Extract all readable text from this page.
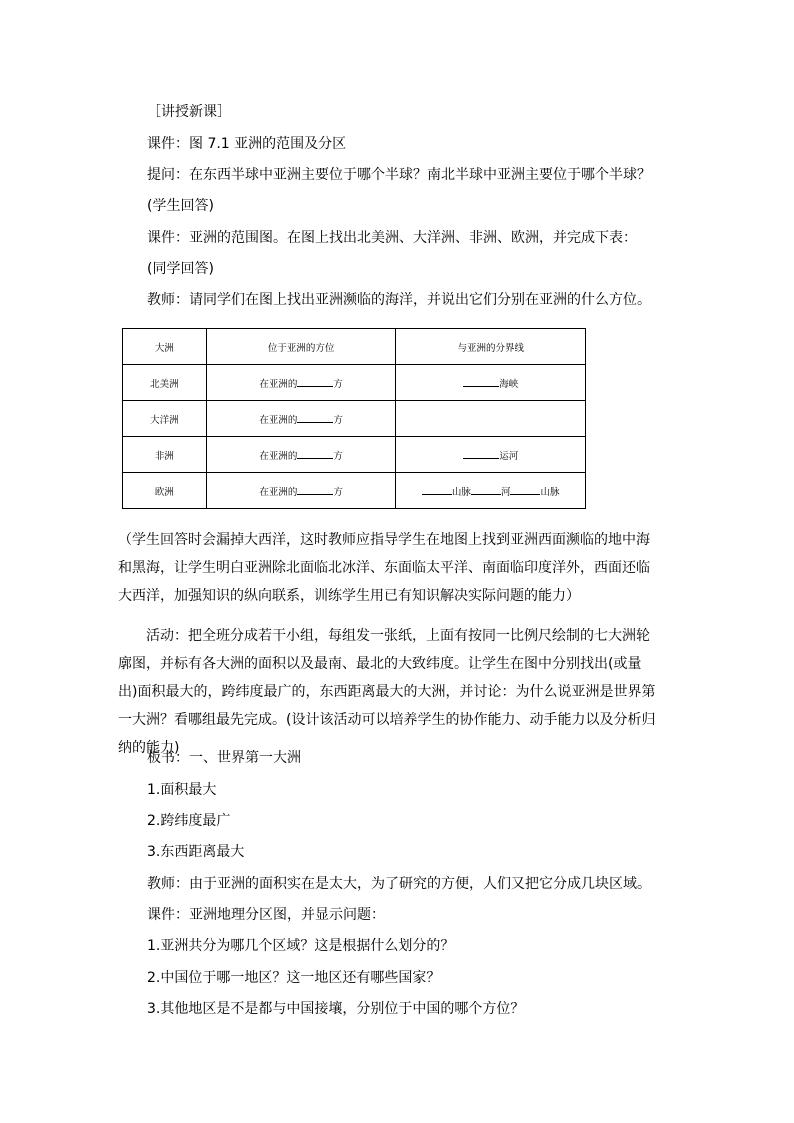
［讲授新课］
课件：图 7.1 亚洲的范围及分区
提问：在东西半球中亚洲主要位于哪个半球？南北半球中亚洲主要位于哪个半球？
(学生回答)
课件：亚洲的范围图。在图上找出北美洲、大洋洲、非洲、欧洲，并完成下表：
(同学回答)
教师：请同学们在图上找出亚洲濒临的海洋，并说出它们分别在亚洲的什么方位。
大洲	位于亚洲的方位	与亚洲的分界线
北美洲	在亚洲的 方	海峡
大洋洲	在亚洲的 方	
非洲	在亚洲的 方	运河
欧洲	在亚洲的 方	山脉 河 山脉

（学生回答时会漏掉大西洋，这时教师应指导学生在地图上找到亚洲西面濒临的地中海和黑海，让学生明白亚洲除北面临北冰洋、东面临太平洋、南面临印度洋外，西面还临大西洋，加强知识的纵向联系，训练学生用已有知识解决实际问题的能力）

活动：把全班分成若干小组，每组发一张纸，上面有按同一比例尺绘制的七大洲轮廓图，并标有各大洲的面积以及最南、最北的大致纬度。让学生在图中分别找出(或量出)面积最大的，跨纬度最广的，东西距离最大的大洲，并讨论：为什么说亚洲是世界第一大洲？看哪组最先完成。(设计该活动可以培养学生的协作能力、动手能力以及分析归纳的能力)

板书：一、世界第一大洲
1.面积最大
2.跨纬度最广
3.东西距离最大
教师：由于亚洲的面积实在是太大，为了研究的方便，人们又把它分成几块区域。
课件：亚洲地理分区图，并显示问题：
1.亚洲共分为哪几个区域？这是根据什么划分的？
2.中国位于哪一地区？这一地区还有哪些国家？
3.其他地区是不是都与中国接壤，分别位于中国的哪个方位？
